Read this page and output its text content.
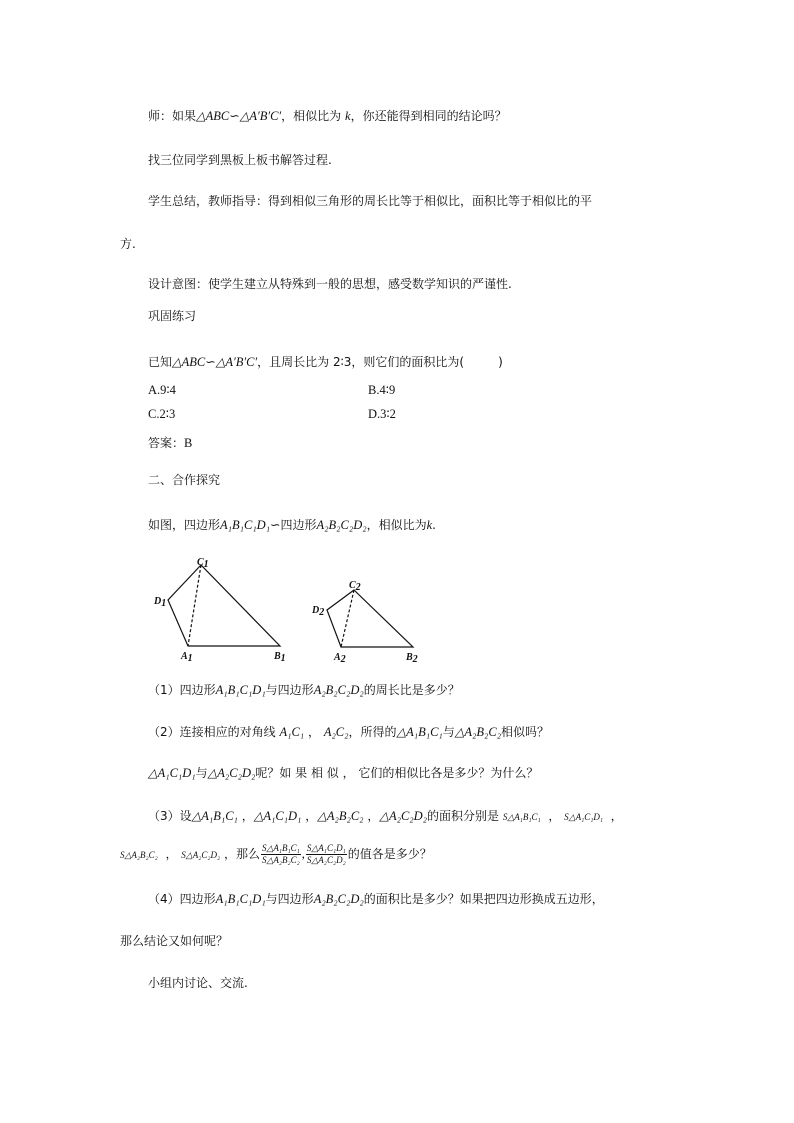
师：如果△ABC∽△A′B′C′，相似比为 k，你还能得到相同的结论吗？
找三位同学到黑板上板书解答过程.
学生总结，教师指导：得到相似三角形的周长比等于相似比，面积比等于相似比的平
方.
设计意图：使学生建立从特殊到一般的思想，感受数学知识的严谨性.
巩固练习
已知△ABC∽△A′B′C′，且周长比为 2∶3，则它们的面积比为(	)
A.9∶4	B.4∶9
C.2∶3	D.3∶2
答案：B
二、合作探究
如图，四边形A₁B₁C₁D₁∽四边形A₂B₂C₂D₂，相似比为k.
C1
D1
A1	B1
C2
D2
A2	B2
（1）四边形A₁B₁C₁D₁与四边形A₂B₂C₂D₂的周长比是多少？
（2）连接相应的对角线 A₁C₁ ， A₂C₂，所得的△A₁B₁C₁与△A₂B₂C₂相似吗？
△A₁C₁D₁与△A₂C₂D₂呢？如 果 相 似 ， 它们的相似比各是多少？为什么？
（3）设△A₁B₁C₁ ，△A₁C₁D₁ ，△A₂B₂C₂ ，△A₂C₂D₂的面积分别是 S△A₁B₁C₁ ， S△A₁C₁D₁ ，
S△A₂B₂C₂ ， S△A₂C₂D₂ ，那么 $\frac{\text{S△A₁B₁C₁}}{\text{S△A₂B₂C₂}}$ , $\frac{\text{S△A₁C₁D₁}}{\text{S△A₂C₂D₂}}$ 的值各是多少？
（4）四边形A₁B₁C₁D₁与四边形A₂B₂C₂D₂的面积比是多少？如果把四边形换成五边形，
那么结论又如何呢？
小组内讨论、交流.
